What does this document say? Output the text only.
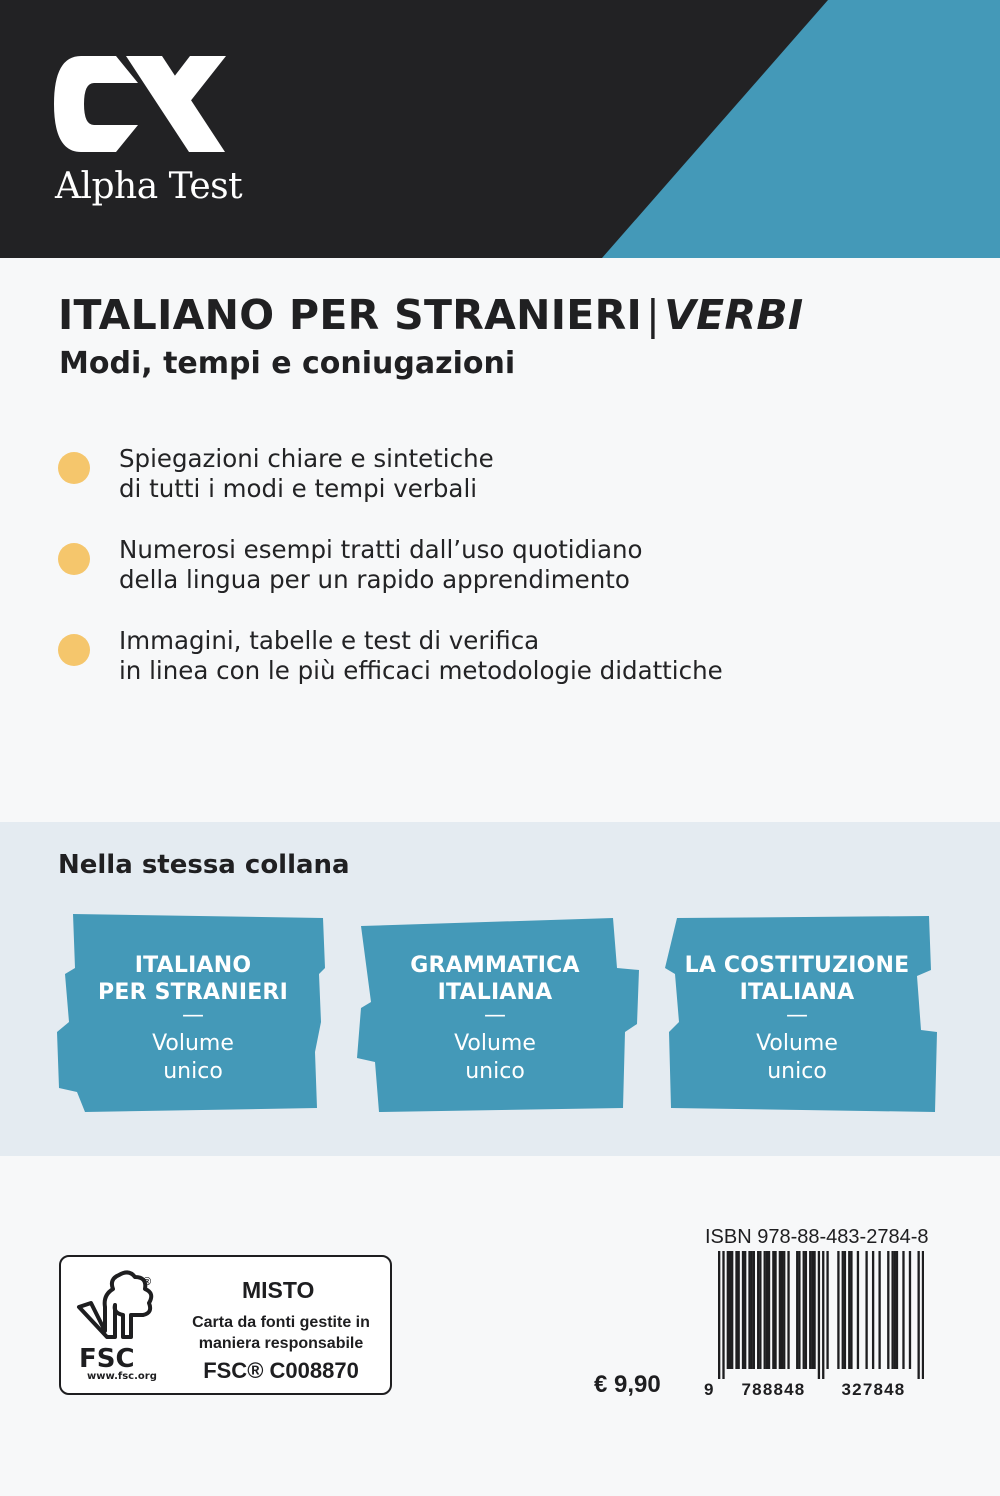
Alpha Test
ITALIANO PER STRANIERI|VERBI
Modi, tempi e coniugazioni
Spiegazioni chiare e sintetiche
di tutti i modi e tempi verbali
Numerosi esempi tratti dall’uso quotidiano
della lingua per un rapido apprendimento
Immagini, tabelle e test di verifica
in linea con le più efficaci metodologie didattiche
Nella stessa collana
ITALIANO
PER STRANIERI
—
Volume
unico
GRAMMATICA
ITALIANA
—
Volume
unico
LA COSTITUZIONE
ITALIANA
—
Volume
unico
®
FSC
www.fsc.org
MISTO
Carta da fonti gestite in
maniera responsabile
FSC® C008870
€ 9,90
ISBN 978-88-483-2784-8
9	788848	327848
